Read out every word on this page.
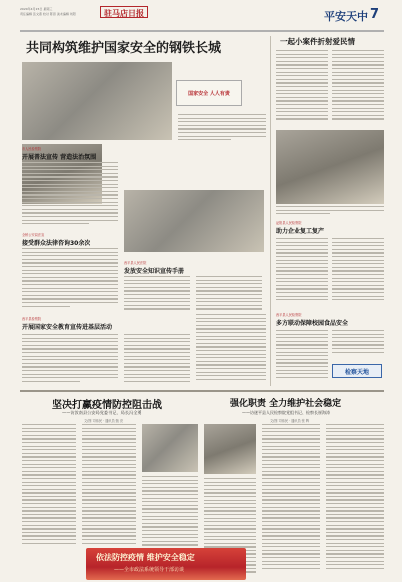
2020年4月15日 星期三
责任编辑 张文燕 校对 陈思 美术编辑 刘阳	驻马店日报	平安天中 7
共同构筑维护国家安全的钢铁长城
国家安全 人人有责
市人民检察院
开展普法宣传 营造法治氛围
全桥公安局法宣
接受群众法律咨询30余次
西平县人民法院
发放安全知识宣传手册
西平县检察院
开展国家安全教育宣传进基层活动
一起小案件折射爱民情
泌阳县人民检察院
助力企业复工复产
西平县人民检察院
多方联动保障校园食品安全
检察天地
坚决打赢疫情防控阻击战
——访汝南县公安局党委书记、局长冯全勇
文/图 司伟民 · 通讯员 甄 亮
强化职责 全力维护社会稳定
——访遂平县人民检察院党组书记、检察长崔海涛
文/图 司伟民 · 通讯员 张 辉
依法防控疫情 维护安全稳定
——全市政法系统领导干部访谈
